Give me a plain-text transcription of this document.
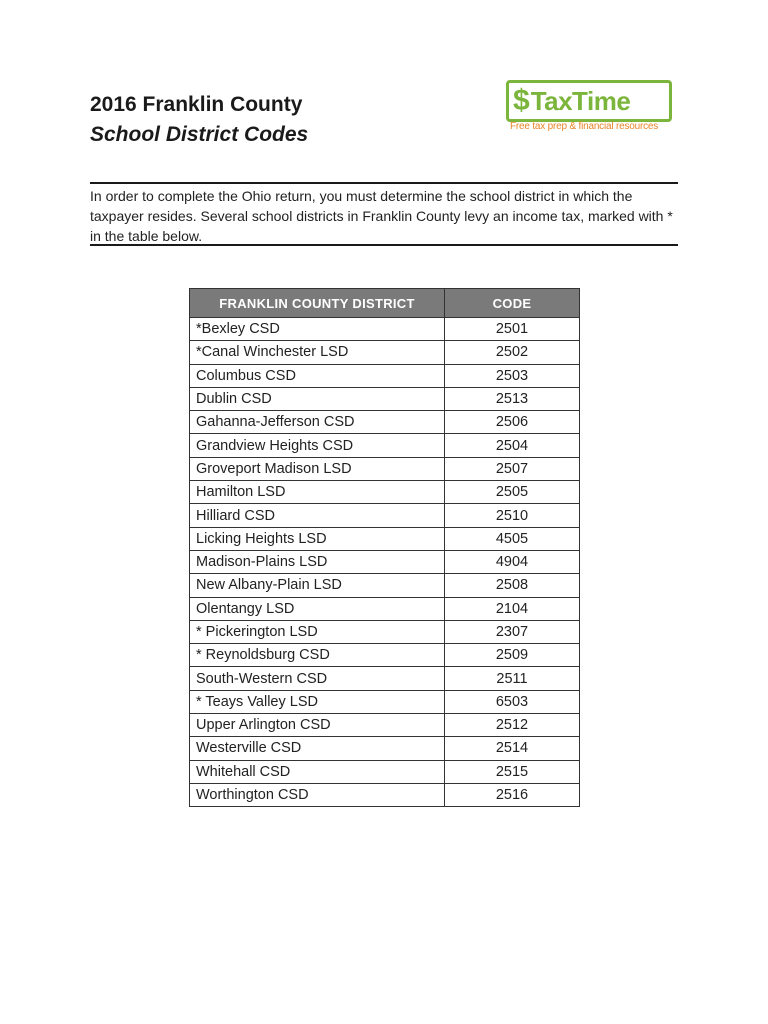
2016 Franklin County
School District Codes
$ TaxTime
Free tax prep & financial resources

In order to complete the Ohio return, you must determine the school district in which the taxpayer resides. Several school districts in Franklin County levy an income tax, marked with * in the table below.

FRANKLIN COUNTY DISTRICT	CODE
*Bexley CSD	2501
*Canal Winchester LSD	2502
Columbus CSD	2503
Dublin CSD	2513
Gahanna-Jefferson CSD	2506
Grandview Heights CSD	2504
Groveport Madison LSD	2507
Hamilton LSD	2505
Hilliard CSD	2510
Licking Heights LSD	4505
Madison-Plains LSD	4904
New Albany-Plain LSD	2508
Olentangy LSD	2104
* Pickerington LSD	2307
* Reynoldsburg CSD	2509
South-Western CSD	2511
* Teays Valley LSD	6503
Upper Arlington CSD	2512
Westerville CSD	2514
Whitehall CSD	2515
Worthington CSD	2516
